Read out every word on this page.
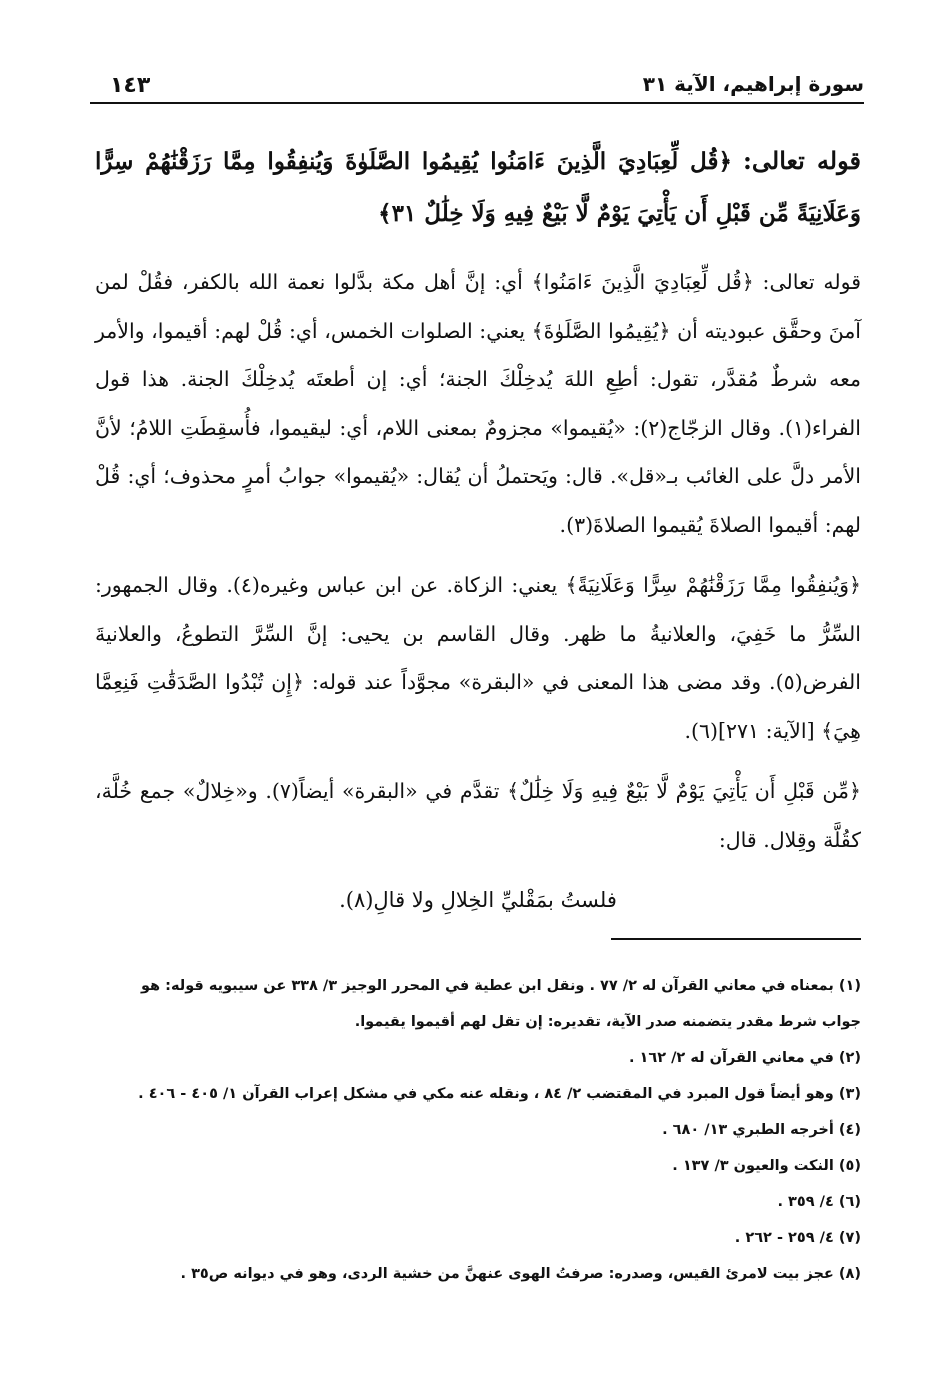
سورة إبراهيم، الآية ٣١
١٤٣

قوله تعالى: ﴿قُل لِّعِبَادِيَ الَّذِينَ ءَامَنُوا يُقِيمُوا الصَّلَوٰةَ وَيُنفِقُوا مِمَّا رَزَقْنَٰهُمْ سِرًّا وَعَلَانِيَةً مِّن قَبْلِ أَن يَأْتِيَ يَوْمٌ لَّا بَيْعٌ فِيهِ وَلَا خِلَٰلٌ ٣١﴾

قوله تعالى: ﴿قُل لِّعِبَادِيَ الَّذِينَ ءَامَنُوا﴾ أي: إنَّ أهل مكة بدَّلوا نعمة الله بالكفر، فقُلْ لمن آمنَ وحقَّق عبوديته أن ﴿يُقِيمُوا الصَّلَوٰةَ﴾ يعني: الصلوات الخمس، أي: قُلْ لهم: أقيموا، والأمر معه شرطٌ مُقدَّر، تقول: أطِعِ اللهَ يُدخِلْكَ الجنة؛ أي: إن أطعتَه يُدخِلْكَ الجنة. هذا قول الفراء(١). وقال الزجّاج(٢): «يُقيموا» مجزومٌ بمعنى اللام، أي: ليقيموا، فأُسقِطَتِ اللامُ؛ لأنَّ الأمر دلَّ على الغائب بـ«قل». قال: ويَحتملُ أن يُقال: «يُقيموا» جوابُ أمرٍ محذوف؛ أي: قُلْ لهم: أقيموا الصلاةَ يُقيموا الصلاةَ(٣).

﴿وَيُنفِقُوا مِمَّا رَزَقْنَٰهُمْ سِرًّا وَعَلَانِيَةً﴾ يعني: الزكاة. عن ابن عباس وغيره(٤). وقال الجمهور: السِّرُّ ما خَفِيَ، والعلانيةُ ما ظهر. وقال القاسم بن يحيى: إنَّ السِّرَّ التطوعُ، والعلانيةَ الفرض(٥). وقد مضى هذا المعنى في «البقرة» مجوَّداً عند قوله: ﴿إِن تُبْدُوا الصَّدَقَٰتِ فَنِعِمَّا هِيَ﴾ [الآية: ٢٧١](٦).

﴿مِّن قَبْلِ أَن يَأْتِيَ يَوْمٌ لَّا بَيْعٌ فِيهِ وَلَا خِلَٰلٌ﴾ تقدَّم في «البقرة» أيضاً(٧). و«خِلالٌ» جمع خُلَّة، كقُلَّة وقِلال. قال:

فلستُ بمَقْليِّ الخِلالِ ولا قالِ(٨).

(١) بمعناه في معاني القرآن له ٢/ ٧٧ . ونقل ابن عطية في المحرر الوجيز ٣/ ٣٣٨ عن سيبويه قوله: هو
جواب شرط مقدر يتضمنه صدر الآية، تقديره: إن تقل لهم أقيموا يقيموا.

(٢) في معاني القرآن له ٢/ ١٦٢ .

(٣) وهو أيضاً قول المبرد في المقتضب ٢/ ٨٤ ، ونقله عنه مكي في مشكل إعراب القرآن ١/ ٤٠٥ - ٤٠٦ .

(٤) أخرجه الطبري ١٣/ ٦٨٠ .

(٥) النكت والعيون ٣/ ١٣٧ .

(٦) ٤/ ٣٥٩ .

(٧) ٤/ ٢٥٩ - ٢٦٢ .

(٨) عجز بيت لامرئ القيس، وصدره: صرفتُ الهوى عنهنَّ من خشية الردى، وهو في ديوانه ص٣٥ .
